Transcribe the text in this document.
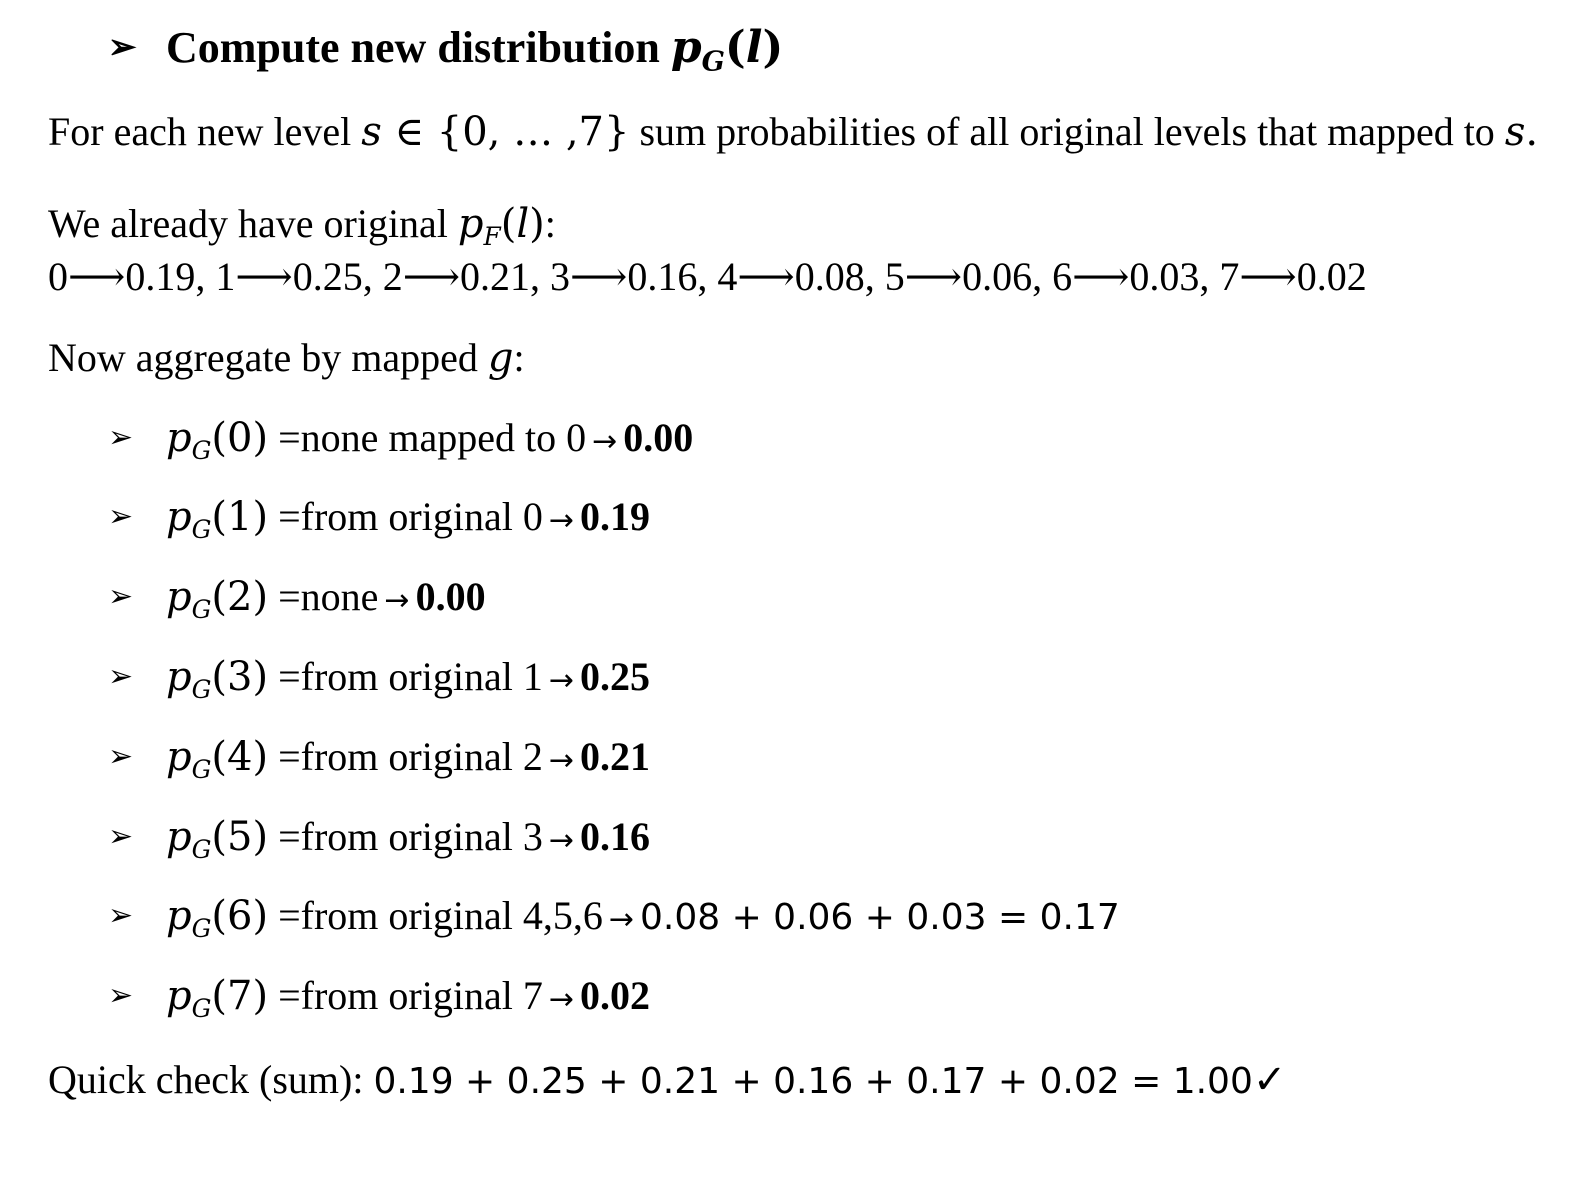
➢ Compute new distribution $p_G(l)$
For each new level s ∈ {0, … ,7} sum probabilities of all original levels that mapped to s.
We already have original $p_F(l)$:
0⟶0.19, 1⟶0.25, 2⟶0.21, 3⟶0.16, 4⟶0.08, 5⟶0.06, 6⟶0.03, 7⟶0.02
Now aggregate by mapped g:
➢ $p_G(0)$ =none mapped to 0 → 0.00
➢ $p_G(1)$ =from original 0 → 0.19
➢ $p_G(2)$ =none → 0.00
➢ $p_G(3)$ =from original 1 → 0.25
➢ $p_G(4)$ =from original 2 → 0.21
➢ $p_G(5)$ =from original 3 → 0.16
➢ $p_G(6)$ =from original 4,5,6 → 0.08 + 0.06 + 0.03 = 0.17
➢ $p_G(7)$ =from original 7 → 0.02
Quick check (sum): 0.19 + 0.25 + 0.21 + 0.16 + 0.17 + 0.02 = 1.00✓
